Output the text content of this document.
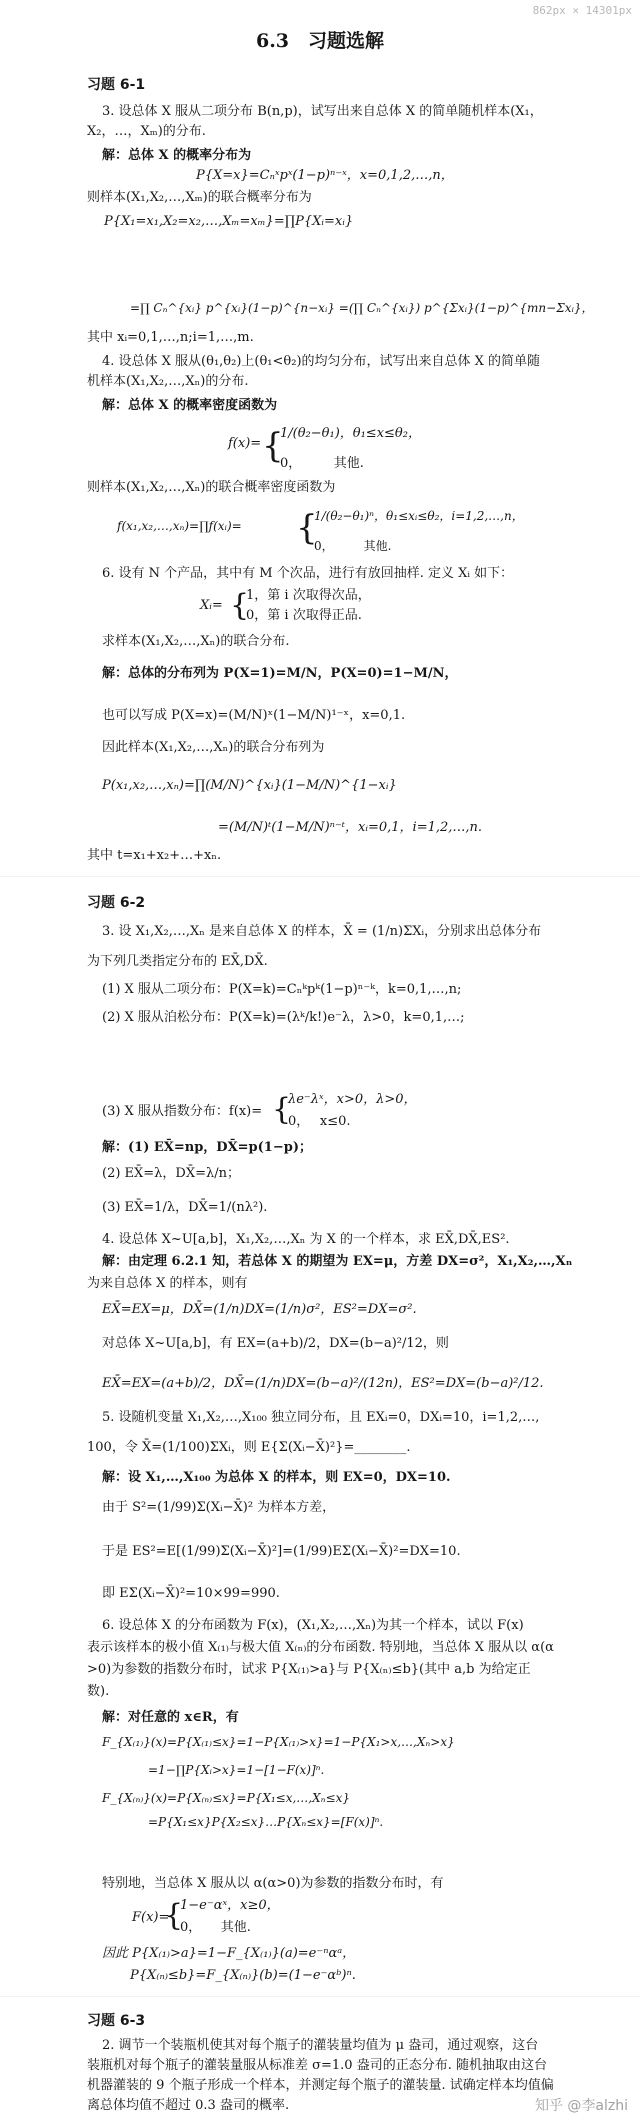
862px × 14301px
6.3　习题选解
习题 6-1
3. 设总体 X 服从二项分布 B(n,p)，试写出来自总体 X 的简单随机样本(X₁，
X₂，…，Xₘ)的分布.
解：总体 X 的概率分布为
P{X=x}=Cₙˣpˣ(1−p)ⁿ⁻ˣ，x=0,1,2,…,n，
则样本(X₁,X₂,…,Xₘ)的联合概率分布为
P{X₁=x₁,X₂=x₂,…,Xₘ=xₘ}=∏P{Xᵢ=xᵢ}
=∏ Cₙ^{xᵢ} p^{xᵢ}(1−p)^{n−xᵢ} =(∏ Cₙ^{xᵢ}) p^{Σxᵢ}(1−p)^{mn−Σxᵢ}，
其中 xᵢ=0,1,…,n;i=1,…,m.
4. 设总体 X 服从(θ₁,θ₂)上(θ₁<θ₂)的均匀分布，试写出来自总体 X 的简单随
机样本(X₁,X₂,…,Xₙ)的分布.
解：总体 X 的概率密度函数为
f(x)= {
1/(θ₂−θ₁)，θ₁≤x≤θ₂，
0，　　　其他.
则样本(X₁,X₂,…,Xₙ)的联合概率密度函数为
f(x₁,x₂,…,xₙ)=∏f(xᵢ)= {
1/(θ₂−θ₁)ⁿ，θ₁≤xᵢ≤θ₂，i=1,2,…,n，
0，　　　其他.
6. 设有 N 个产品，其中有 M 个次品，进行有放回抽样. 定义 Xᵢ 如下：
Xᵢ= {
1，第 i 次取得次品，
0，第 i 次取得正品.
求样本(X₁,X₂,…,Xₙ)的联合分布.
解：总体的分布列为 P(X=1)=M/N，P(X=0)=1−M/N，
也可以写成 P(X=x)=(M/N)ˣ(1−M/N)¹⁻ˣ，x=0,1.
因此样本(X₁,X₂,…,Xₙ)的联合分布列为
P(x₁,x₂,…,xₙ)=∏(M/N)^{xᵢ}(1−M/N)^{1−xᵢ}
=(M/N)ᵗ(1−M/N)ⁿ⁻ᵗ，xᵢ=0,1，i=1,2,…,n.
其中 t=x₁+x₂+…+xₙ.
习题 6-2
3. 设 X₁,X₂,…,Xₙ 是来自总体 X 的样本，X̄ = (1/n)ΣXᵢ，分别求出总体分布
为下列几类指定分布的 EX̄,DX̄.
(1) X 服从二项分布：P(X=k)=Cₙᵏpᵏ(1−p)ⁿ⁻ᵏ，k=0,1,…,n;
(2) X 服从泊松分布：P(X=k)=(λᵏ/k!)e⁻λ，λ>0，k=0,1,…;
(3) X 服从指数分布：f(x)= {
λe⁻λˣ，x>0，λ>0，
0，　 x≤0.
解：(1) EX̄=np，DX̄=p(1−p)；
(2) EX̄=λ，DX̄=λ/n；
(3) EX̄=1/λ，DX̄=1/(nλ²).
4. 设总体 X~U[a,b]，X₁,X₂,…,Xₙ 为 X 的一个样本，求 EX̄,DX̄,ES².
解：由定理 6.2.1 知，若总体 X 的期望为 EX=μ，方差 DX=σ²，X₁,X₂,…,Xₙ
为来自总体 X 的样本，则有
EX̄=EX=μ，DX̄=(1/n)DX=(1/n)σ²，ES²=DX=σ².
对总体 X~U[a,b]，有 EX=(a+b)/2，DX=(b−a)²/12，则
EX̄=EX=(a+b)/2，DX̄=(1/n)DX=(b−a)²/(12n)，ES²=DX=(b−a)²/12.
5. 设随机变量 X₁,X₂,…,X₁₀₀ 独立同分布，且 EXᵢ=0，DXᵢ=10，i=1,2,…,
100，令 X̄=(1/100)ΣXᵢ，则 E{Σ(Xᵢ−X̄)²}=________.
解：设 X₁,…,X₁₀₀ 为总体 X 的样本，则 EX=0，DX=10.
由于 S²=(1/99)Σ(Xᵢ−X̄)² 为样本方差，
于是 ES²=E[(1/99)Σ(Xᵢ−X̄)²]=(1/99)EΣ(Xᵢ−X̄)²=DX=10.
即 EΣ(Xᵢ−X̄)²=10×99=990.
6. 设总体 X 的分布函数为 F(x)，(X₁,X₂,…,Xₙ)为其一个样本，试以 F(x)
表示该样本的极小值 X₍₁₎与极大值 X₍ₙ₎的分布函数. 特别地，当总体 X 服从以 α(α
>0)为参数的指数分布时，试求 P{X₍₁₎>a}与 P{X₍ₙ₎≤b}(其中 a,b 为给定正
数).
解：对任意的 x∈R，有
F_{X₍₁₎}(x)=P{X₍₁₎≤x}=1−P{X₍₁₎>x}=1−P{X₁>x,…,Xₙ>x}
=1−∏P{Xᵢ>x}=1−[1−F(x)]ⁿ.
F_{X₍ₙ₎}(x)=P{X₍ₙ₎≤x}=P{X₁≤x,…,Xₙ≤x}
=P{X₁≤x}P{X₂≤x}…P{Xₙ≤x}=[F(x)]ⁿ.
特别地，当总体 X 服从以 α(α>0)为参数的指数分布时，有
F(x)=
{
1−e⁻αˣ，x≥0，
0，　　其他.
因此 P{X₍₁₎>a}=1−F_{X₍₁₎}(a)=e⁻ⁿαᵃ，
P{X₍ₙ₎≤b}=F_{X₍ₙ₎}(b)=(1−e⁻αᵇ)ⁿ.
习题 6-3
2. 调节一个装瓶机使其对每个瓶子的灌装量均值为 μ 盎司，通过观察，这台
装瓶机对每个瓶子的灌装量服从标准差 σ=1.0 盎司的正态分布. 随机抽取由这台
机器灌装的 9 个瓶子形成一个样本，并测定每个瓶子的灌装量. 试确定样本均值偏
离总体均值不超过 0.3 盎司的概率.	知乎 @李alzhi
